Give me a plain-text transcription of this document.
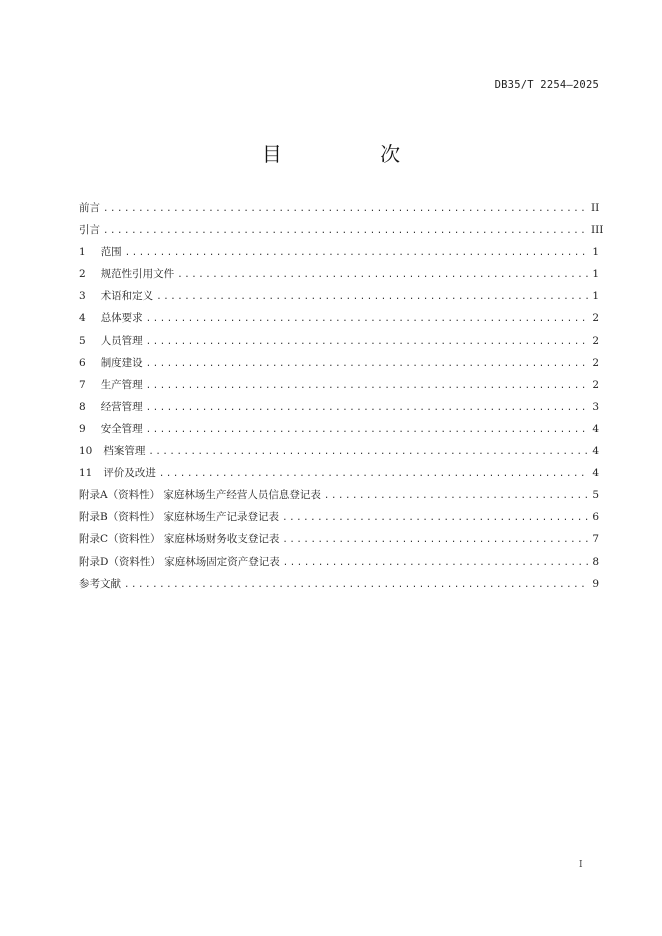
DB35/T 2254—2025
目 次
前言 .....	II
引言 .....	III
1 范围 .....	1
2 规范性引用文件 .....	1
3 术语和定义 .....	1
4 总体要求 .....	2
5 人员管理 .....	2
6 制度建设 .....	2
7 生产管理 .....	2
8 经营管理 .....	3
9 安全管理 .....	4
10 档案管理 .....	4
11 评价及改进 .....	4
附录A（资料性） 家庭林场生产经营人员信息登记表 .....	5
附录B（资料性） 家庭林场生产记录登记表 .....	6
附录C（资料性） 家庭林场财务收支登记表 .....	7
附录D（资料性） 家庭林场固定资产登记表 .....	8
参考文献 .....	9
I
